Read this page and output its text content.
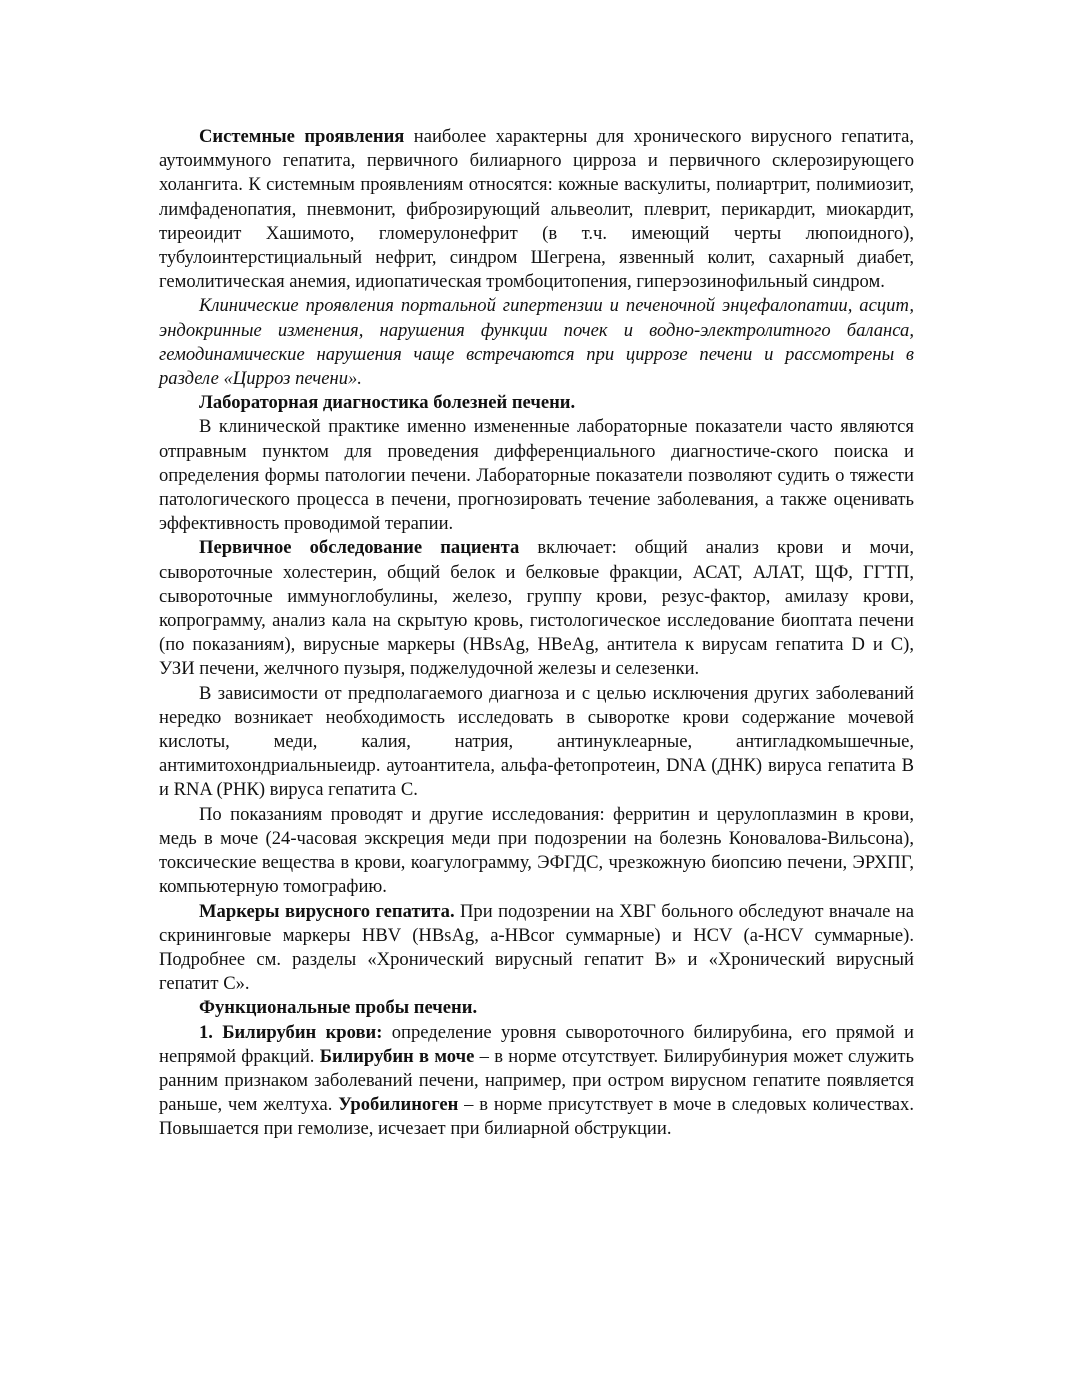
Системные проявления наиболее характерны для хронического вирусного гепатита, аутоиммуного гепатита, первичного билиарного цирроза и первичного склерозирующего холангита. К системным проявлениям относятся: кожные васкулиты, полиартрит, полимиозит, лимфаденопатия, пневмонит, фиброзирующий альвеолит, плеврит, перикардит, миокардит, тиреоидит Хашимото, гломерулонефрит (в т.ч. имеющий черты люпоидного), тубулоинтерстициальный нефрит, синдром Шегрена, язвенный колит, сахарный диабет, гемолитическая анемия, идиопатическая тромбоцитопения, гиперэозинофильный синдром.

Клинические проявления портальной гипертензии и печеночной энцефалопатии, асцит, эндокринные изменения, нарушения функции почек и водно-электролитного баланса, гемодинамические нарушения чаще встречаются при циррозе печени и рассмотрены в разделе «Цирроз печени».

Лабораторная диагностика болезней печени.

В клинической практике именно измененные лабораторные показатели часто являются отправным пунктом для проведения дифференциального диагностиче-ского поиска и определения формы патологии печени. Лабораторные показатели позволяют судить о тяжести патологического процесса в печени, прогнозировать течение заболевания, а также оценивать эффективность проводимой терапии.

Первичное обследование пациента включает: общий анализ крови и мочи, сывороточные холестерин, общий белок и белковые фракции, АСАТ, АЛАТ, ЩФ, ГГТП, сывороточные иммуноглобулины, железо, группу крови, резус-фактор, амилазу крови, копрограмму, анализ кала на скрытую кровь, гистологическое исследование биоптата печени (по показаниям), вирусные маркеры (HBsAg, HBeAg, антитела к вирусам гепатита D и C), УЗИ печени, желчного пузыря, поджелудочной железы и селезенки.

В зависимости от предполагаемого диагноза и с целью исключения других заболеваний нередко возникает необходимость исследовать в сыворотке крови содержание мочевой кислоты, меди, калия, натрия, антинуклеарные, антигладкомышечные, антимитохондриальныеидр. аутоантитела, альфа-фетопротеин, DNA (ДНК) вируса гепатита В и RNA (РНК) вируса гепатита С.

По показаниям проводят и другие исследования: ферритин и церулоплазмин в крови, медь в моче (24-часовая экскреция меди при подозрении на болезнь Коновалова-Вильсона), токсические вещества в крови, коагулограмму, ЭФГДС, чрезкожную биопсию печени, ЭРХПГ, компьютерную томографию.

Маркеры вирусного гепатита. При подозрении на ХВГ больного обследуют вначале на скрининговые маркеры HBV (HBsAg, a-HBcor суммарные) и HCV (a-HCV суммарные). Подробнее см. разделы «Хронический вирусный гепатит В» и «Хронический вирусный гепатит С».

Функциональные пробы печени.

1. Билирубин крови: определение уровня сывороточного билирубина, его прямой и непрямой фракций. Билирубин в моче – в норме отсутствует. Билирубинурия может служить ранним признаком заболеваний печени, например, при остром вирусном гепатите появляется раньше, чем желтуха. Уробилиноген – в норме присутствует в моче в следовых количествах. Повышается при гемолизе, исчезает при билиарной обструкции.
